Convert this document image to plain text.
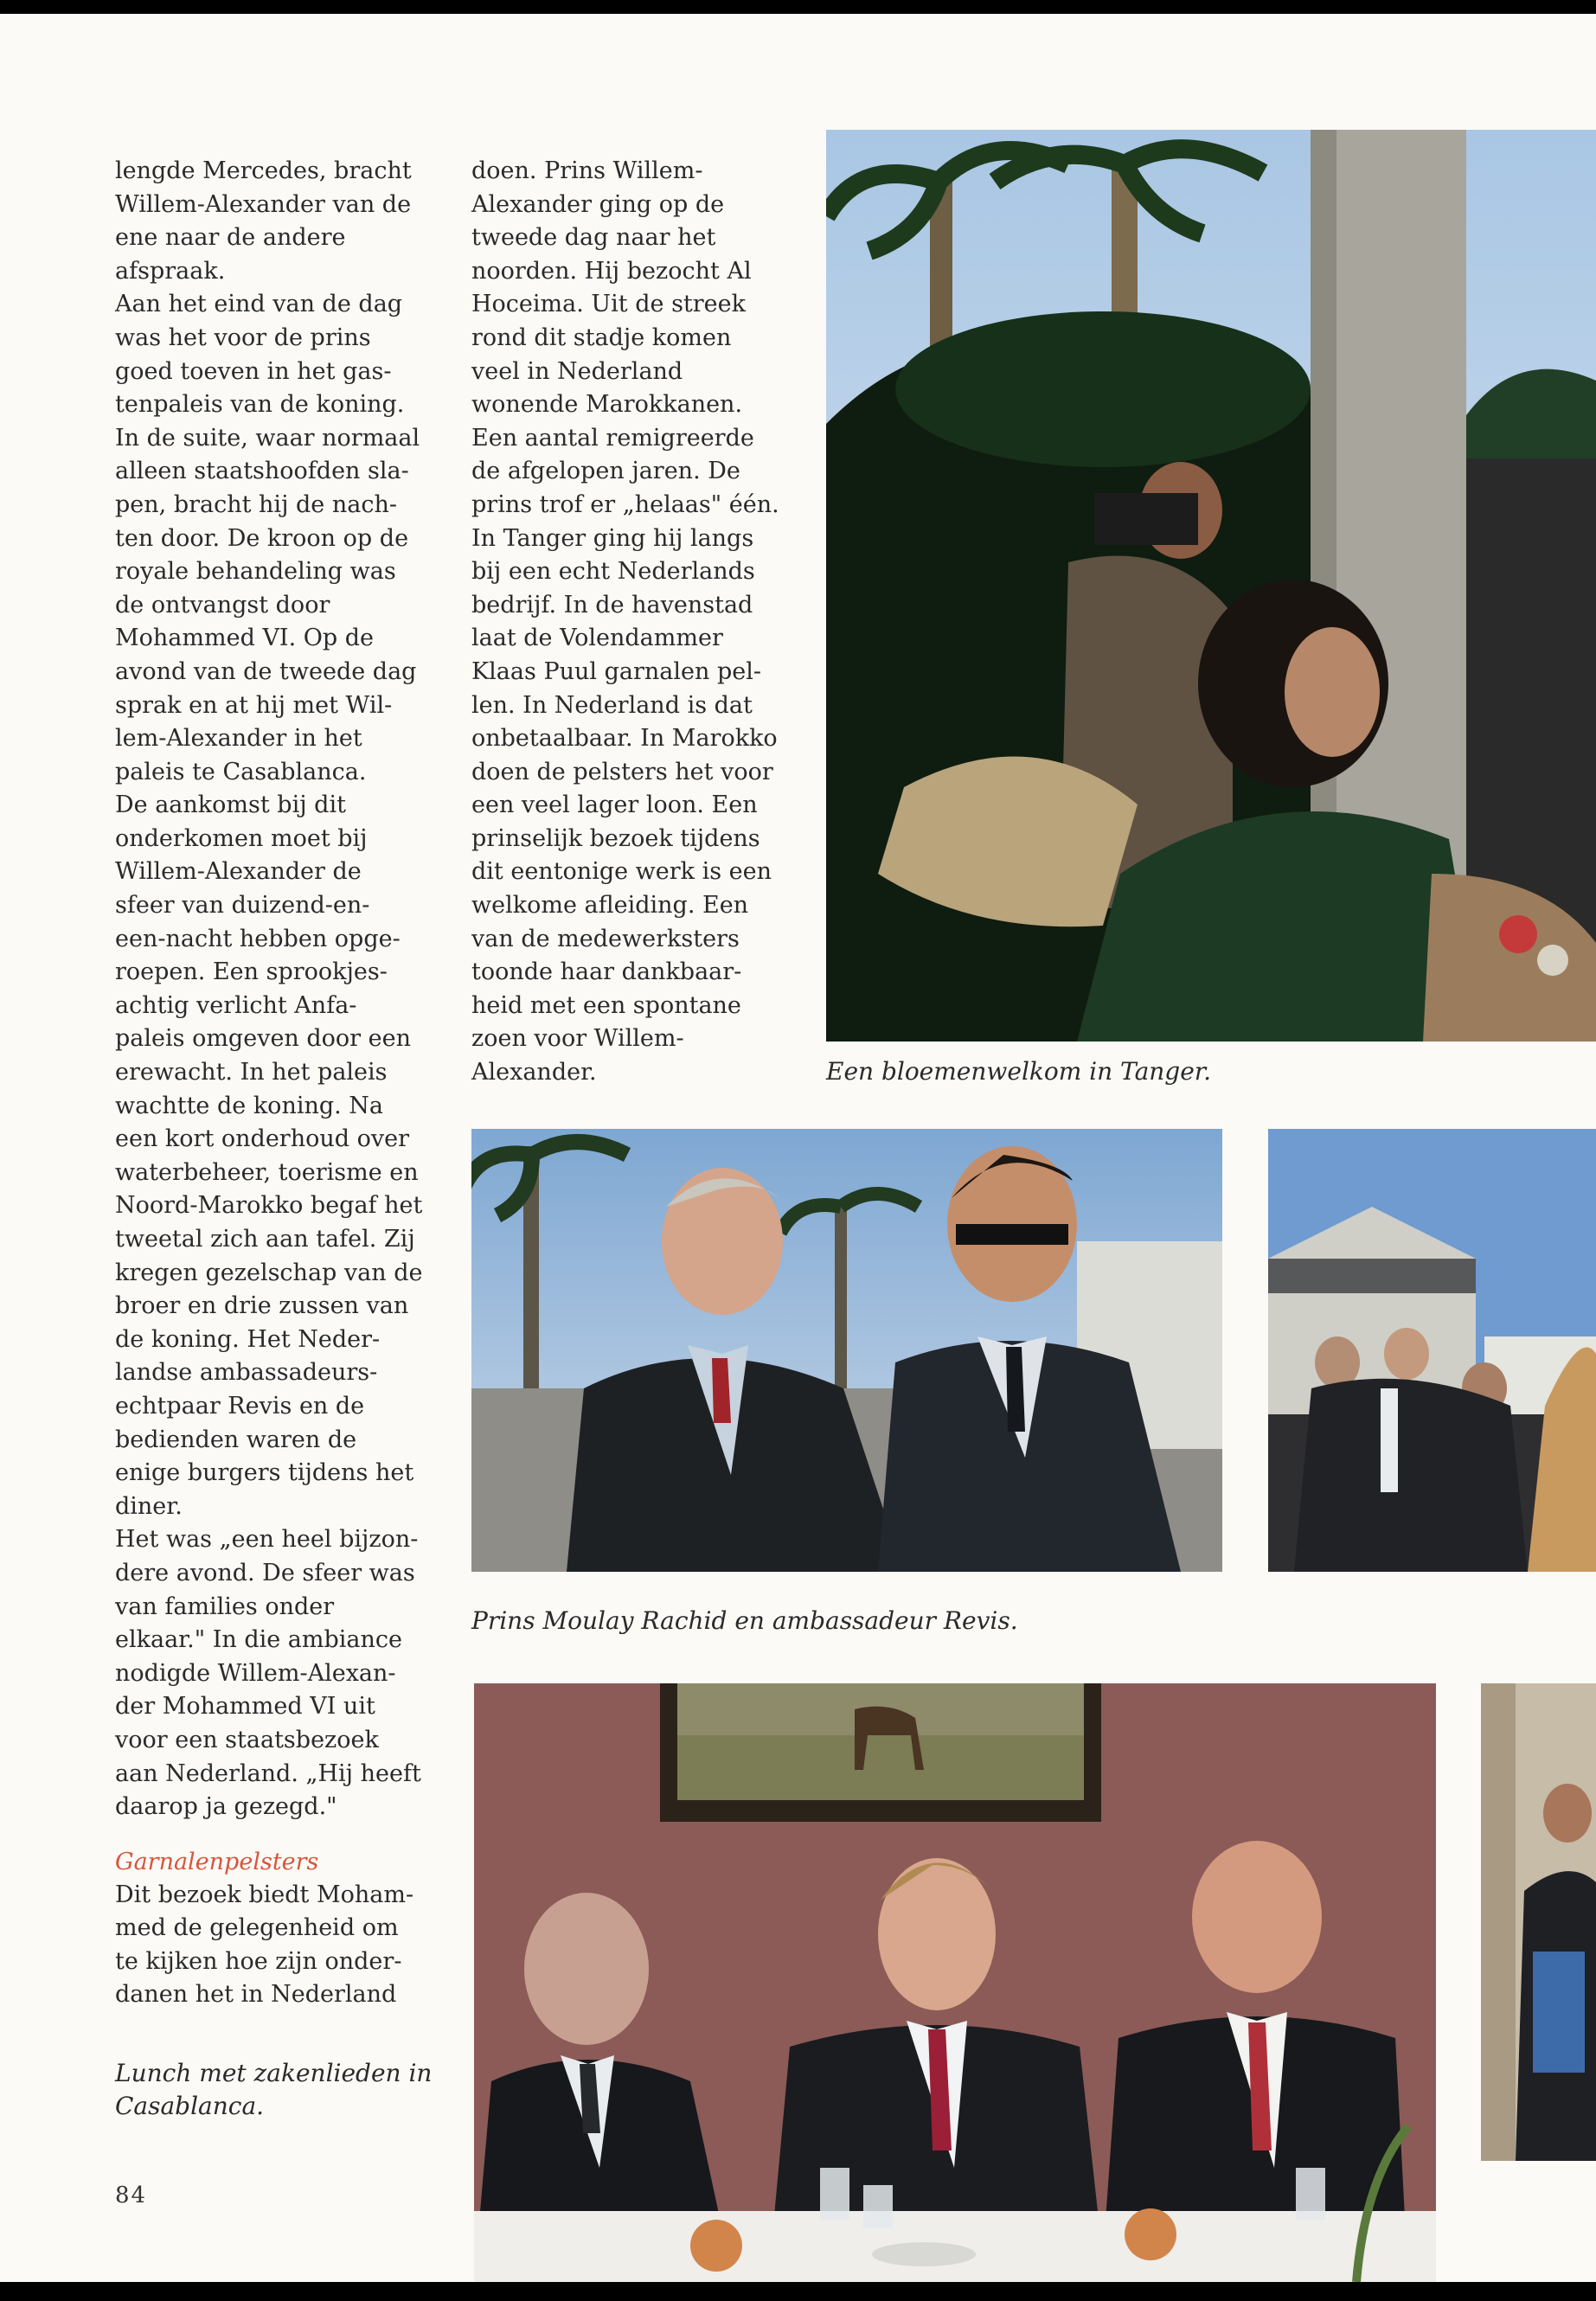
lengde Mercedes, bracht
Willem-Alexander van de
ene naar de andere
afspraak.

Aan het eind van de dag
was het voor de prins
goed toeven in het gas-
tenpaleis van de koning.
In de suite, waar normaal
alleen staatshoofden sla-
pen, bracht hij de nach-
ten door. De kroon op de
royale behandeling was
de ontvangst door
Mohammed VI. Op de
avond van de tweede dag
sprak en at hij met Wil-
lem-Alexander in het
paleis te Casablanca.

De aankomst bij dit
onderkomen moet bij
Willem-Alexander de
sfeer van duizend-en-
een-nacht hebben opge-
roepen. Een sprookjes-
achtig verlicht Anfa-
paleis omgeven door een
erewacht. In het paleis
wachtte de koning. Na
een kort onderhoud over
waterbeheer, toerisme en
Noord-Marokko begaf het
tweetal zich aan tafel. Zij
kregen gezelschap van de
broer en drie zussen van
de koning. Het Neder-
landse ambassadeurs-
echtpaar Revis en de
bedienden waren de
enige burgers tijdens het
diner.

Het was „een heel bijzon-
dere avond. De sfeer was
van families onder
elkaar." In die ambiance
nodigde Willem-Alexan-
der Mohammed VI uit
voor een staatsbezoek
aan Nederland. „Hij heeft
daarop ja gezegd."

Garnalenpelsters

Dit bezoek biedt Moham-
med de gelegenheid om
te kijken hoe zijn onder-
danen het in Nederland

doen. Prins Willem-
Alexander ging op de
tweede dag naar het
noorden. Hij bezocht Al
Hoceima. Uit de streek
rond dit stadje komen
veel in Nederland
wonende Marokkanen.
Een aantal remigreerde
de afgelopen jaren. De
prins trof er „helaas" één.
In Tanger ging hij langs
bij een echt Nederlands
bedrijf. In de havenstad
laat de Volendammer
Klaas Puul garnalen pel-
len. In Nederland is dat
onbetaalbaar. In Marokko
doen de pelsters het voor
een veel lager loon. Een
prinselijk bezoek tijdens
dit eentonige werk is een
welkome afleiding. Een
van de medewerksters
toonde haar dankbaar-
heid met een spontane
zoen voor Willem-
Alexander.

Lunch met zakenlieden in
Casablanca.
84
Een bloemenwelkom in Tanger.
Prins Moulay Rachid en ambassadeur Revis.
